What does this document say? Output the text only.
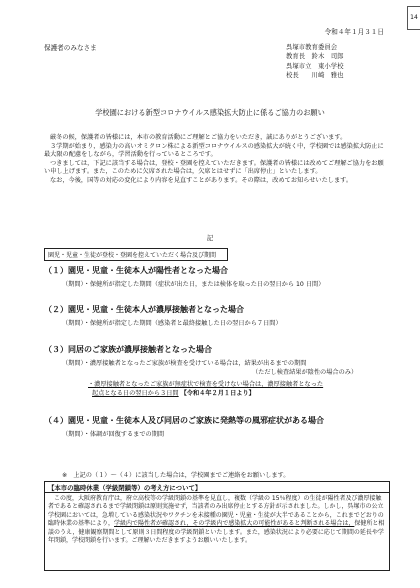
14
令和４年１月３１日
保護者のみなさま	呉塚市教育委員会
教育長　鈴木　司郎
呉塚市立　東小学校
校長　　川崎　雅也
学校園における新型コロナウイルス感染拡大防止に係るご協力のお願い

厳冬の候，保護者の皆様には，本市の教育活動にご理解とご協力をいただき，誠にありがとうございます。

３学期が始まり，感染力の高いオミクロン株による新型コロナウイルスの感染拡大が続く中，学校園では感染拡大防止に最大限の配慮をしながら，学習活動を行っているところです。

つきましては，下記に該当する場合は，登校・登園を控えていただきます。保護者の皆様には改めてご理解ご協力をお願い申し上げます。また，このために欠席された場合は，欠席とはせずに「出席停止」といたします。

なお，今後，国等の対応の変化により内容を見直すことがあります。その際は，改めてお知らせいたします。

記
園児・児童・生徒が登校・登園を控えていただく場合及び期間
（１）園児・児童・生徒本人が陽性者となった場合
（期間）・保健所が指定した期間（症状が出た日，または検体を取った日の翌日から 10 日間）
（２）園児・児童・生徒本人が濃厚接触者となった場合
（期間）・保健所が指定した期間（感染者と最終接触した日の翌日から７日間）
（３）同居のご家族が濃厚接触者となった場合
（期間）・濃厚接触者となったご家族が検査を受けている場合は，結果が出るまでの期間
（ただし検査結果が陰性の場合のみ）
・濃厚接触者となったご家族が無症状で検査を受けない場合は，濃厚接触者となった
起点となる日の翌日から３日間 【令和４年２月１日より】
（４）園児・児童・生徒本人及び同居のご家族に発熱等の風邪症状がある場合
（期間）・体調が回復するまでの期間
※　上記の（１）～（４）に該当した場合は，学校園までご連絡をお願いします。
【本市の臨時休業（学級閉鎖等）の考え方について】

この度，大阪府教育庁は，府立高校等の学級閉鎖の基準を見直し，複数（学級の 15％程度）の生徒が陽性者及び濃厚接触者であると確認されるまで学級閉鎖は原則実施せず，当該者のみ出席停止とする方針が示されました。しかし，呉塚市の公立学校園においては，急増している感染状況やワクチンを未接種の園児・児童・生徒が大半であることから，これまでどおりの臨時休業の基準により，学級内で陽性者が確認され，その学級内で感染拡大の可能性があると判断される場合は，保健所と相談のうえ，健康観察期間として原則３日間程度の学級閉鎖といたします。また，感染状況により必要に応じて期間の延長や学年閉鎖，学校閉鎖を行います。ご理解いただきますようお願いいたします。
